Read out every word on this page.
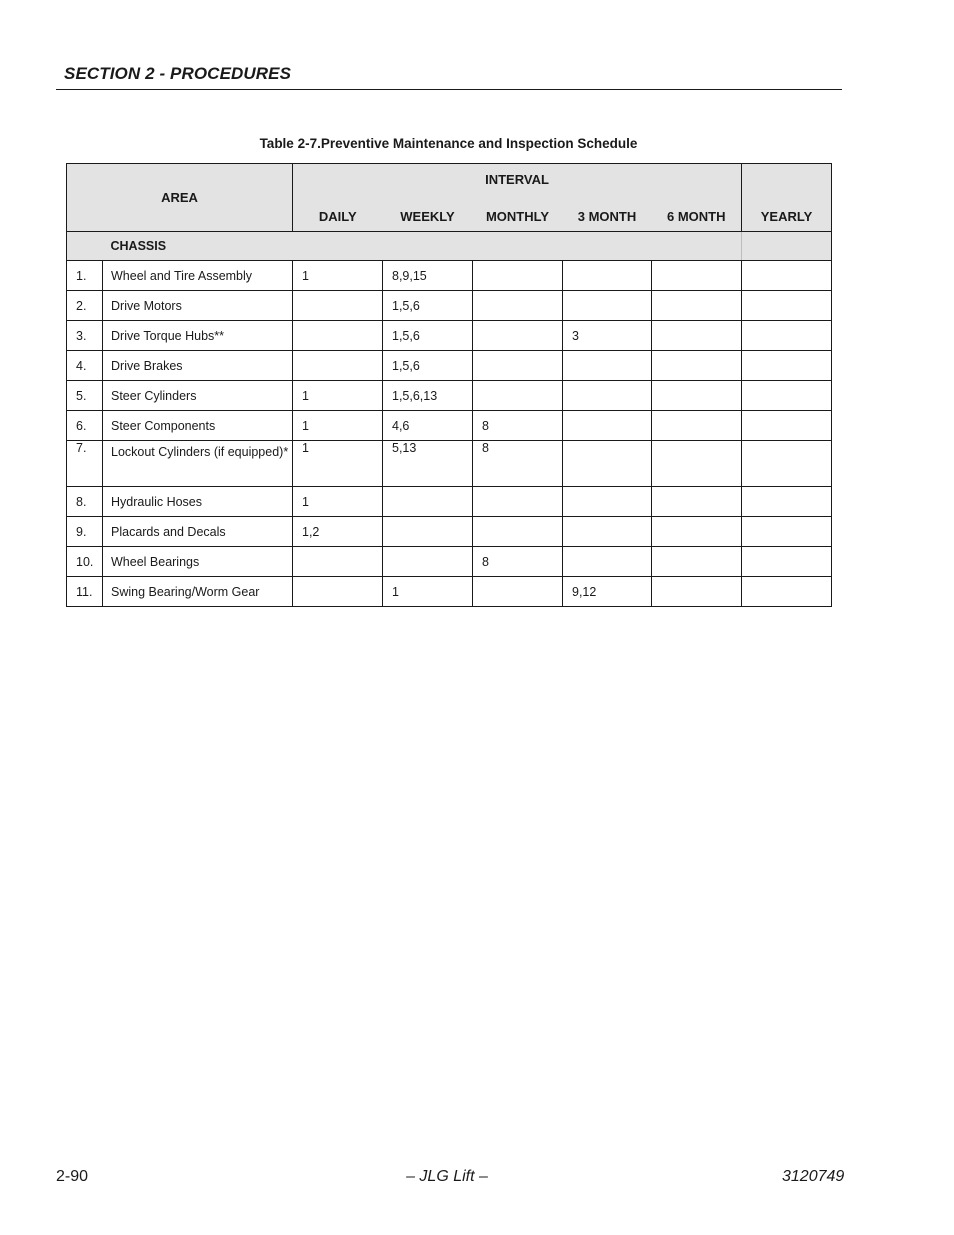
SECTION 2 - PROCEDURES
Table 2-7.Preventive Maintenance and Inspection Schedule
AREA		INTERVAL					YEARLY
		DAILY	WEEKLY	MONTHLY	3 MONTH	6 MONTH	
	CHASSIS						
1.	Wheel and Tire Assembly	1	8,9,15				
2.	Drive Motors		1,5,6				
3.	Drive Torque Hubs**		1,5,6		3		
4.	Drive Brakes		1,5,6				
5.	Steer Cylinders	1	1,5,6,13				
6.	Steer Components	1	4,6	8			
7.	Lockout Cylinders (if equipped)*	1	5,13	8			
8.	Hydraulic Hoses	1					
9.	Placards and Decals	1,2					
10.	Wheel Bearings			8			
11.	Swing Bearing/Worm Gear		1		9,12		
2-90	– JLG Lift –	3120749
